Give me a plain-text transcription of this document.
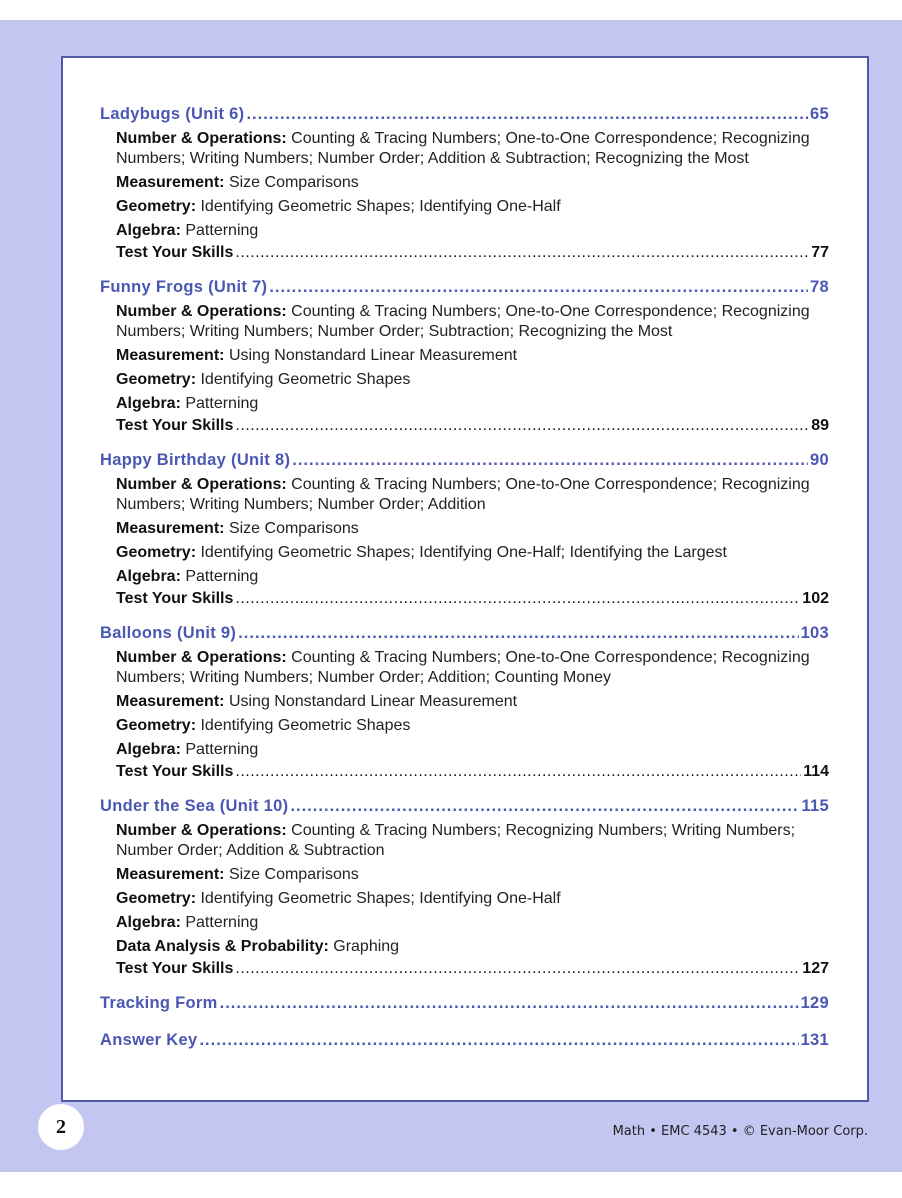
Ladybugs (Unit 6) .....	65
Number & Operations: Counting & Tracing Numbers; One-to-One Correspondence; Recognizing Numbers; Writing Numbers; Number Order; Addition & Subtraction; Recognizing the Most
Measurement: Size Comparisons
Geometry: Identifying Geometric Shapes; Identifying One-Half
Algebra: Patterning
Test Your Skills .....	77
Funny Frogs (Unit 7) .....	78
Number & Operations: Counting & Tracing Numbers; One-to-One Correspondence; Recognizing Numbers; Writing Numbers; Number Order; Subtraction; Recognizing the Most
Measurement: Using Nonstandard Linear Measurement
Geometry: Identifying Geometric Shapes
Algebra: Patterning
Test Your Skills .....	89
Happy Birthday (Unit 8) .....	90
Number & Operations: Counting & Tracing Numbers; One-to-One Correspondence; Recognizing Numbers; Writing Numbers; Number Order; Addition
Measurement: Size Comparisons
Geometry: Identifying Geometric Shapes; Identifying One-Half; Identifying the Largest
Algebra: Patterning
Test Your Skills .....	102
Balloons (Unit 9) .....	103
Number & Operations: Counting & Tracing Numbers; One-to-One Correspondence; Recognizing Numbers; Writing Numbers; Number Order; Addition; Counting Money
Measurement: Using Nonstandard Linear Measurement
Geometry: Identifying Geometric Shapes
Algebra: Patterning
Test Your Skills .....	114
Under the Sea (Unit 10) .....	115
Number & Operations: Counting & Tracing Numbers; Recognizing Numbers; Writing Numbers; Number Order; Addition & Subtraction
Measurement: Size Comparisons
Geometry: Identifying Geometric Shapes; Identifying One-Half
Algebra: Patterning
Data Analysis & Probability: Graphing
Test Your Skills .....	127
Tracking Form .....	129
Answer Key .....	131
2	Math • EMC 4543 • © Evan-Moor Corp.
